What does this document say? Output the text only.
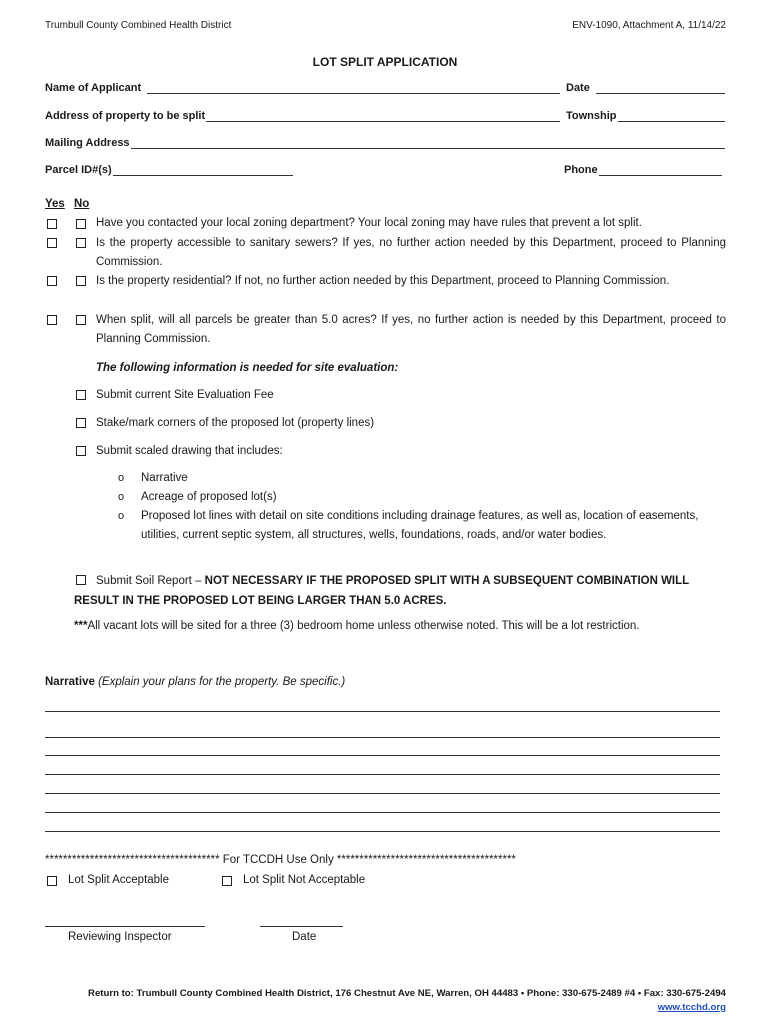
Trumbull County Combined Health District	ENV-1090, Attachment A, 11/14/22
LOT SPLIT APPLICATION
Name of Applicant	Date
Address of property to be split	Township
Mailing Address
Parcel ID#(s)	Phone
Yes No
Have you contacted your local zoning department? Your local zoning may have rules that prevent a lot split.
Is the property accessible to sanitary sewers? If yes, no further action needed by this Department, proceed to Planning Commission.
Is the property residential? If not, no further action needed by this Department, proceed to Planning Commission.
When split, will all parcels be greater than 5.0 acres? If yes, no further action is needed by this Department, proceed to Planning Commission.
The following information is needed for site evaluation:
Submit current Site Evaluation Fee
Stake/mark corners of the proposed lot (property lines)
Submit scaled drawing that includes:
o Narrative
o Acreage of proposed lot(s)
o Proposed lot lines with detail on site conditions including drainage features, as well as, location of easements, utilities, current septic system, all structures, wells, foundations, roads, and/or water bodies.
Submit Soil Report – NOT NECESSARY IF THE PROPOSED SPLIT WITH A SUBSEQUENT COMBINATION WILL RESULT IN THE PROPOSED LOT BEING LARGER THAN 5.0 ACRES.
***All vacant lots will be sited for a three (3) bedroom home unless otherwise noted. This will be a lot restriction.
Narrative (Explain your plans for the property. Be specific.)
*************************************** For TCCDH Use Only ****************************************
Lot Split Acceptable	Lot Split Not Acceptable
Reviewing Inspector	Date
Return to: Trumbull County Combined Health District, 176 Chestnut Ave NE, Warren, OH 44483 • Phone: 330-675-2489 #4 • Fax: 330-675-2494
www.tcchd.org
